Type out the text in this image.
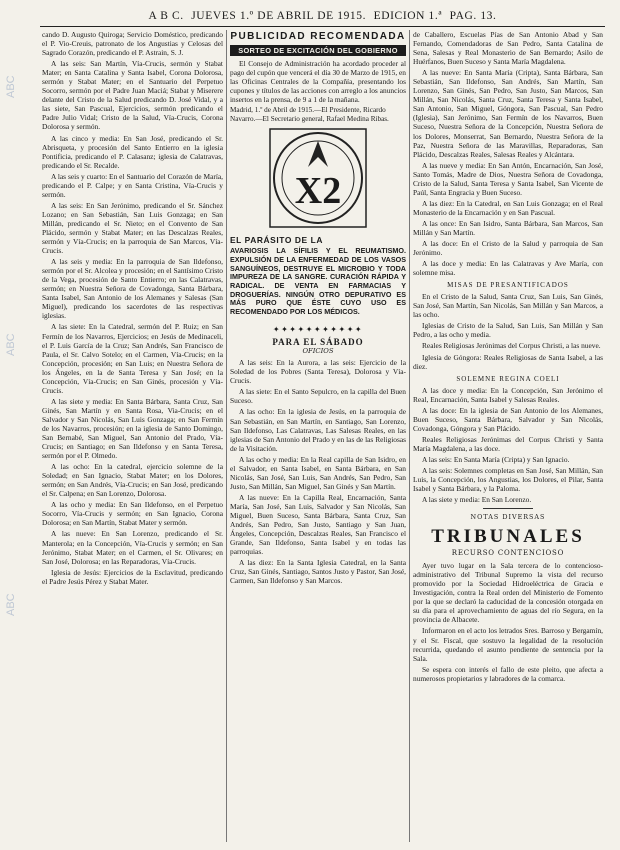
ABC
ABC
ABC
A B C. JUEVES 1.º DE ABRIL DE 1915. EDICION 1.ª PAG. 13.

cando D. Augusto Quiroga; Servicio Doméstico, predicando el P. Vio-Creuis, patronato de los Angustias y Celosas del Sagrado Corazón, predicando el P. Astrain, S. J.

A las seis: San Martín, Vía-Crucis, sermón y Stabat Mater; en Santa Catalina y Santa Isabel, Corona Dolorosa, sermón y Stabat Mater; en el Santuario del Perpetuo Socorro, sermón por el Padre Juan Maciá; Stabat y Miserere delante del Cristo de la Salud predicando D. José Vidal, y a las siete, San Pascual, Ejercicios, sermón predicando el Padre Julio Vidal; Cristo de la Salud, Vía-Crucis, Corona Dolorosa y sermón.

A las cinco y media: En San José, predicando el Sr. Abrisqueta, y procesión del Santo Entierro en la iglesia Pontificia, predicando el P. Calasanz; iglesia de Calatravas, predicando el Sr. Recalde.

A las seis y cuarto: En el Santuario del Corazón de María, predicando el P. Calpe; y en Santa Cristina, Vía-Crucis y sermón.

A las seis: En San Jerónimo, predicando el Sr. Sánchez Lozano; en San Sebastián, San Luis Gonzaga; en San Millán, predicando el Sr. Nieto; en el Convento de San Plácido, sermón y Stabat Mater; en las Descalzas Reales, sermón y Vía-Crucis; en la parroquia de San Marcos, Vía-Crucis.

A las seis y media: En la parroquia de San Ildefonso, sermón por el Sr. Alcolea y procesión; en el Santísimo Cristo de la Vega, procesión de Santo Entierro; en las Calatravas, sermón; en Nuestra Señora de Covadonga, Santa Bárbara, Santa Isabel, San Antonio de los Alemanes y Salesas (San Miguel), predicando los sacerdotes de las respectivas iglesias.

A las siete: En la Catedral, sermón del P. Ruiz; en San Fermín de los Navarros, Ejercicios; en Jesús de Medinaceli, el P. Luis García de la Cruz; San Andrés, San Francisco de Paula, el Sr. Calvo Sotelo; en el Carmen, Vía-Crucis; en la Concepción, procesión; en San Luis; en Nuestra Señora de los Ángeles, en la de Santa Teresa y San José; en la Concepción, Vía-Crucis; en San Ginés, procesión y Vía-Crucis.

A las siete y media: En Santa Bárbara, Santa Cruz, San Ginés, San Martín y en Santa Rosa, Via-Crucis; en el Salvador y San Nicolás, San Luis Gonzaga; en San Fermín de los Navarros, procesión; en la iglesia de Santo Domingo, San Bernabé, San Miguel, San Antonio del Prado, Vía-Crucis; en Santiago; en San Ildefonso y en Santa Teresa, sermón por el P. Olmedo.

A las ocho: En la catedral, ejercicio solemne de la Soledad; en San Ignacio, Stabat Mater; en los Dolores, sermón; en San Andrés, Vía-Crucis; en San José, predicando el Sr. Calpena; en San Lorenzo, Dolorosa.

A las ocho y media: En San Ildefonso, en el Perpetuo Socorro, Vía-Crucis y sermón; en San Ignacio, Corona Dolorosa; en San Martín, Stabat Mater y sermón.

A las nueve: En San Lorenzo, predicando el Sr. Manterola; en la Concepción, Vía-Crucis y sermón; en San Jerónimo, Stabat Mater; en el Carmen, el Sr. Olivares; en San José, Dolorosa; en las Reparadoras, Vía-Crucis.

Iglesia de Jesús: Ejercicios de la Esclavitud, predicando el Padre Jesús Pérez y Stabat Mater.

PUBLICIDAD RECOMENDADA
SORTEO DE EXCITACIÓN DEL GOBIERNO

El Consejo de Administración ha acordado proceder al pago del cupón que vencerá el día 30 de Marzo de 1915, en las Oficinas Centrales de la Compañía, presentando los cupones y títulos de las acciones con arreglo a los anuncios insertos en la prensa, de 9 a 1 de la mañana.

Madrid, 1.º de Abril de 1915.—El Presidente, Ricardo Navarro.—El Secretario general, Rafael Medina Ribas.

X2
EL PARÁSITO DE LA

AVARIOSIS LA SÍFILIS Y EL REUMATISMO. EXPULSIÓN DE LA ENFERMEDAD DE LOS VASOS SANGUÍNEOS, DESTRUYE EL MICROBIO Y TODA IMPUREZA DE LA SANGRE. CURACIÓN RÁPIDA Y RADICAL. DE VENTA EN FARMACIAS Y DROGUERÍAS. NINGÚN OTRO DEPURATIVO ES MÁS PURO QUE ÉSTE CUYO USO ES RECOMENDADO POR LOS MÉDICOS.

✦✦✦✦✦✦✦✦✦✦✦
PARA EL SÁBADO
OFICIOS

A las seis: En la Aurora, a las seis: Ejercicio de la Soledad de los Pobres (Santa Teresa), Dolorosa y Vía-Crucis.

A las siete: En el Santo Sepulcro, en la capilla del Buen Suceso.

A las ocho: En la iglesia de Jesús, en la parroquia de San Sebastián, en San Martín, en Santiago, San Lorenzo, San Ildefonso, Las Calatravas, Las Salesas Reales, en las iglesias de San Antonio del Prado y en las de las Religiosas de la Visitación.

A las ocho y media: En la Real capilla de San Isidro, en el Salvador, en Santa Isabel, en Santa Bárbara, en San Nicolás, San José, San Luis, San Andrés, San Pedro, San Justo, San Millán, San Miguel, San Ginés y San Martín.

A las nueve: En la Capilla Real, Encarnación, Santa María, San José, San Luis, Salvador y San Nicolás, San Miguel, Buen Suceso, Santa Bárbara, Santa Cruz, San Andrés, San Pedro, San Justo, Santiago y San Juan, Ángeles, Concepción, Descalzas Reales, San Francisco el Grande, San Ildefonso, Santa Isabel y en todas las parroquias.

A las diez: En la Santa Iglesia Catedral, en la Santa Cruz, San Ginés, Santiago, Santos Justo y Pastor, San José, Carmen, San Ildefonso y San Marcos.

de Caballero, Escuelas Pías de San Antonio Abad y San Fernando, Comendadoras de San Pedro, Santa Catalina de Sena, Salesas y Real Monasterio de San Bernardo; Asilo de Huérfanos, Buen Suceso y Santa María Magdalena.

A las nueve: En Santa María (Cripta), Santa Bárbara, San Sebastián, San Ildefonso, San Andrés, San Martín, San Lorenzo, San Ginés, San Pedro, San Justo, San Marcos, San Millán, San Nicolás, Santa Cruz, Santa Teresa y Santa Isabel, San Antonio, San Miguel, Góngora, San Pascual, San Pedro (Iglesia), San Jerónimo, San Fermín de los Navarros, Buen Suceso, Nuestra Señora de la Concepción, Nuestra Señora de los Dolores, Monserrat, San Bernardo, Nuestra Señora de la Paz, Nuestra Señora de las Maravillas, Reparadoras, San Plácido, Descalzas Reales, Salesas Reales y Alcántara.

A las nueve y media: En San Antón, Encarnación, San José, Santo Tomás, Madre de Dios, Nuestra Señora de Covadonga, Cristo de la Salud, Santa Teresa y Santa Isabel, San Vicente de Paúl, Santa Engracia y Buen Suceso.

A las diez: En la Catedral, en San Luis Gonzaga; en el Real Monasterio de la Encarnación y en San Pascual.

A las once: En San Isidro, Santa Bárbara, San Marcos, San Millán y San Martín.

A las doce: En el Cristo de la Salud y parroquia de San Jerónimo.

A las doce y media: En las Calatravas y Ave María, con solemne misa.

MISAS DE PRESANTIFICADOS

En el Cristo de la Salud, Santa Cruz, San Luis, San Ginés, San José, San Martín, San Nicolás, San Millán y San Marcos, a las ocho.

Iglesias de Cristo de la Salud, San Luis, San Millán y San Pedro, a las ocho y media.

Reales Religiosas Jerónimas del Corpus Christi, a las nueve.

Iglesia de Góngora: Reales Religiosas de Santa Isabel, a las diez.

SOLEMNE REGINA COELI

A las doce y media: En la Concepción, San Jerónimo el Real, Encarnación, Santa Isabel y Salesas Reales.

A las doce: En la iglesia de San Antonio de los Alemanes, Buen Suceso, Santa Bárbara, Salvador y San Nicolás, Covadonga, Góngora y San Plácido.

Reales Religiosas Jerónimas del Corpus Christi y Santa María Magdalena, a las doce.

A las seis: En Santa María (Cripta) y San Ignacio.

A las seis: Solemnes completas en San José, San Millán, San Luis, la Concepción, los Angustias, los Dolores, el Pilar, Santa Isabel y Santa Bárbara, y la Paloma.

A las siete y media: En San Lorenzo.

NOTAS DIVERSAS
TRIBUNALES
RECURSO CONTENCIOSO

Ayer tuvo lugar en la Sala tercera de lo contencioso-administrativo del Tribunal Supremo la vista del recurso promovido por la Sociedad Hidroeléctrica de Gracia e Investigación, contra la Real orden del Ministerio de Fomento por la que se declaró la caducidad de la concesión otorgada en su día para el aprovechamiento de aguas del río Segura, en la provincia de Albacete.

Informaron en el acto los letrados Sres. Barroso y Bergamín, y el Sr. Fiscal, que sostuvo la legalidad de la resolución recurrida, quedando el asunto pendiente de sentencia por la Sala.

Se espera con interés el fallo de este pleito, que afecta a numerosos propietarios y labradores de la comarca.
